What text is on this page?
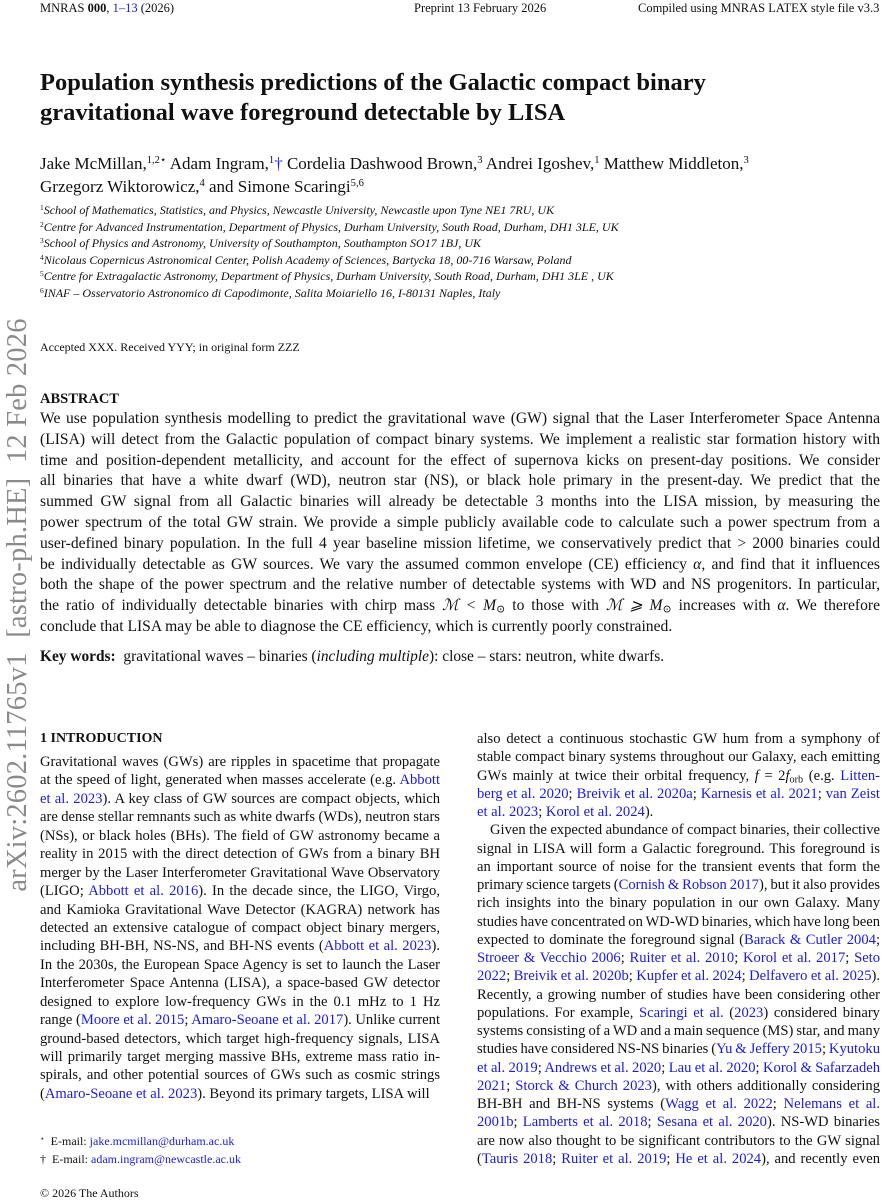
MNRAS 000, 1–13 (2026)	Preprint 13 February 2026	Compiled using MNRAS LATEX style file v3.3
arXiv:2602.11765v1  [astro-ph.HE]  12 Feb 2026
Population synthesis predictions of the Galactic compact binary
gravitational wave foreground detectable by LISA
Jake McMillan,$^{1,2⋆}$ Adam Ingram,$^1$† Cordelia Dashwood Brown,$^3$ Andrei Igoshev,$^1$ Matthew Middleton,$^3$
Grzegorz Wiktorowicz,$^4$ and Simone Scaringi$^{5,6}$
$^1$School of Mathematics, Statistics, and Physics, Newcastle University, Newcastle upon Tyne NE1 7RU, UK
$^2$Centre for Advanced Instrumentation, Department of Physics, Durham University, South Road, Durham, DH1 3LE, UK
$^3$School of Physics and Astronomy, University of Southampton, Southampton SO17 1BJ, UK
$^4$Nicolaus Copernicus Astronomical Center, Polish Academy of Sciences, Bartycka 18, 00-716 Warsaw, Poland
$^5$Centre for Extragalactic Astronomy, Department of Physics, Durham University, South Road, Durham, DH1 3LE , UK
$^6$INAF – Osservatorio Astronomico di Capodimonte, Salita Moiariello 16, I-80131 Naples, Italy
Accepted XXX. Received YYY; in original form ZZZ
ABSTRACT
We use population synthesis modelling to predict the gravitational wave (GW) signal that the Laser Interferometer Space Antenna
(LISA) will detect from the Galactic population of compact binary systems. We implement a realistic star formation history with
time and position-dependent metallicity, and account for the effect of supernova kicks on present-day positions. We consider
all binaries that have a white dwarf (WD), neutron star (NS), or black hole primary in the present-day. We predict that the
summed GW signal from all Galactic binaries will already be detectable 3 months into the LISA mission, by measuring the
power spectrum of the total GW strain. We provide a simple publicly available code to calculate such a power spectrum from a
user-defined binary population. In the full 4 year baseline mission lifetime, we conservatively predict that > 2000 binaries could
be individually detectable as GW sources. We vary the assumed common envelope (CE) efficiency α, and find that it influences
both the shape of the power spectrum and the relative number of detectable systems with WD and NS progenitors. In particular,
the ratio of individually detectable binaries with chirp mass ℳ < $M_⊙$ to those with ℳ ⩾ $M_⊙$ increases with α. We therefore
conclude that LISA may be able to diagnose the CE efficiency, which is currently poorly constrained.
Key words: gravitational waves – binaries (including multiple): close – stars: neutron, white dwarfs.
1 INTRODUCTION
Gravitational waves (GWs) are ripples in spacetime that propagate
at the speed of light, generated when masses accelerate (e.g. Abbott
et al. 2023). A key class of GW sources are compact objects, which
are dense stellar remnants such as white dwarfs (WDs), neutron stars
(NSs), or black holes (BHs). The field of GW astronomy became a
reality in 2015 with the direct detection of GWs from a binary BH
merger by the Laser Interferometer Gravitational Wave Observatory
(LIGO; Abbott et al. 2016). In the decade since, the LIGO, Virgo,
and Kamioka Gravitational Wave Detector (KAGRA) network has
detected an extensive catalogue of compact object binary mergers,
including BH-BH, NS-NS, and BH-NS events (Abbott et al. 2023).
In the 2030s, the European Space Agency is set to launch the Laser
Interferometer Space Antenna (LISA), a space-based GW detector
designed to explore low-frequency GWs in the 0.1 mHz to 1 Hz
range (Moore et al. 2015; Amaro-Seoane et al. 2017). Unlike current
ground-based detectors, which target high-frequency signals, LISA
will primarily target merging massive BHs, extreme mass ratio in-
spirals, and other potential sources of GWs such as cosmic strings
(Amaro-Seoane et al. 2023). Beyond its primary targets, LISA will
also detect a continuous stochastic GW hum from a symphony of
stable compact binary systems throughout our Galaxy, each emitting
GWs mainly at twice their orbital frequency, $f = 2f_{orb}$ (e.g. Litten-
berg et al. 2020; Breivik et al. 2020a; Karnesis et al. 2021; van Zeist
et al. 2023; Korol et al. 2024).
Given the expected abundance of compact binaries, their collective
signal in LISA will form a Galactic foreground. This foreground is
an important source of noise for the transient events that form the
primary science targets (Cornish & Robson 2017), but it also provides
rich insights into the binary population in our own Galaxy. Many
studies have concentrated on WD-WD binaries, which have long been
expected to dominate the foreground signal (Barack & Cutler 2004;
Stroeer & Vecchio 2006; Ruiter et al. 2010; Korol et al. 2017; Seto
2022; Breivik et al. 2020b; Kupfer et al. 2024; Delfavero et al. 2025).
Recently, a growing number of studies have been considering other
populations. For example, Scaringi et al. (2023) considered binary
systems consisting of a WD and a main sequence (MS) star, and many
studies have considered NS-NS binaries (Yu & Jeffery 2015; Kyutoku
et al. 2019; Andrews et al. 2020; Lau et al. 2020; Korol & Safarzadeh
2021; Storck & Church 2023), with others additionally considering
BH-BH and BH-NS systems (Wagg et al. 2022; Nelemans et al.
2001b; Lamberts et al. 2018; Sesana et al. 2020). NS-WD binaries
are now also thought to be significant contributors to the GW signal
(Tauris 2018; Ruiter et al. 2019; He et al. 2024), and recently even
⋆ E-mail: jake.mcmillan@durham.ac.uk
† E-mail: adam.ingram@newcastle.ac.uk
© 2026 The Authors
